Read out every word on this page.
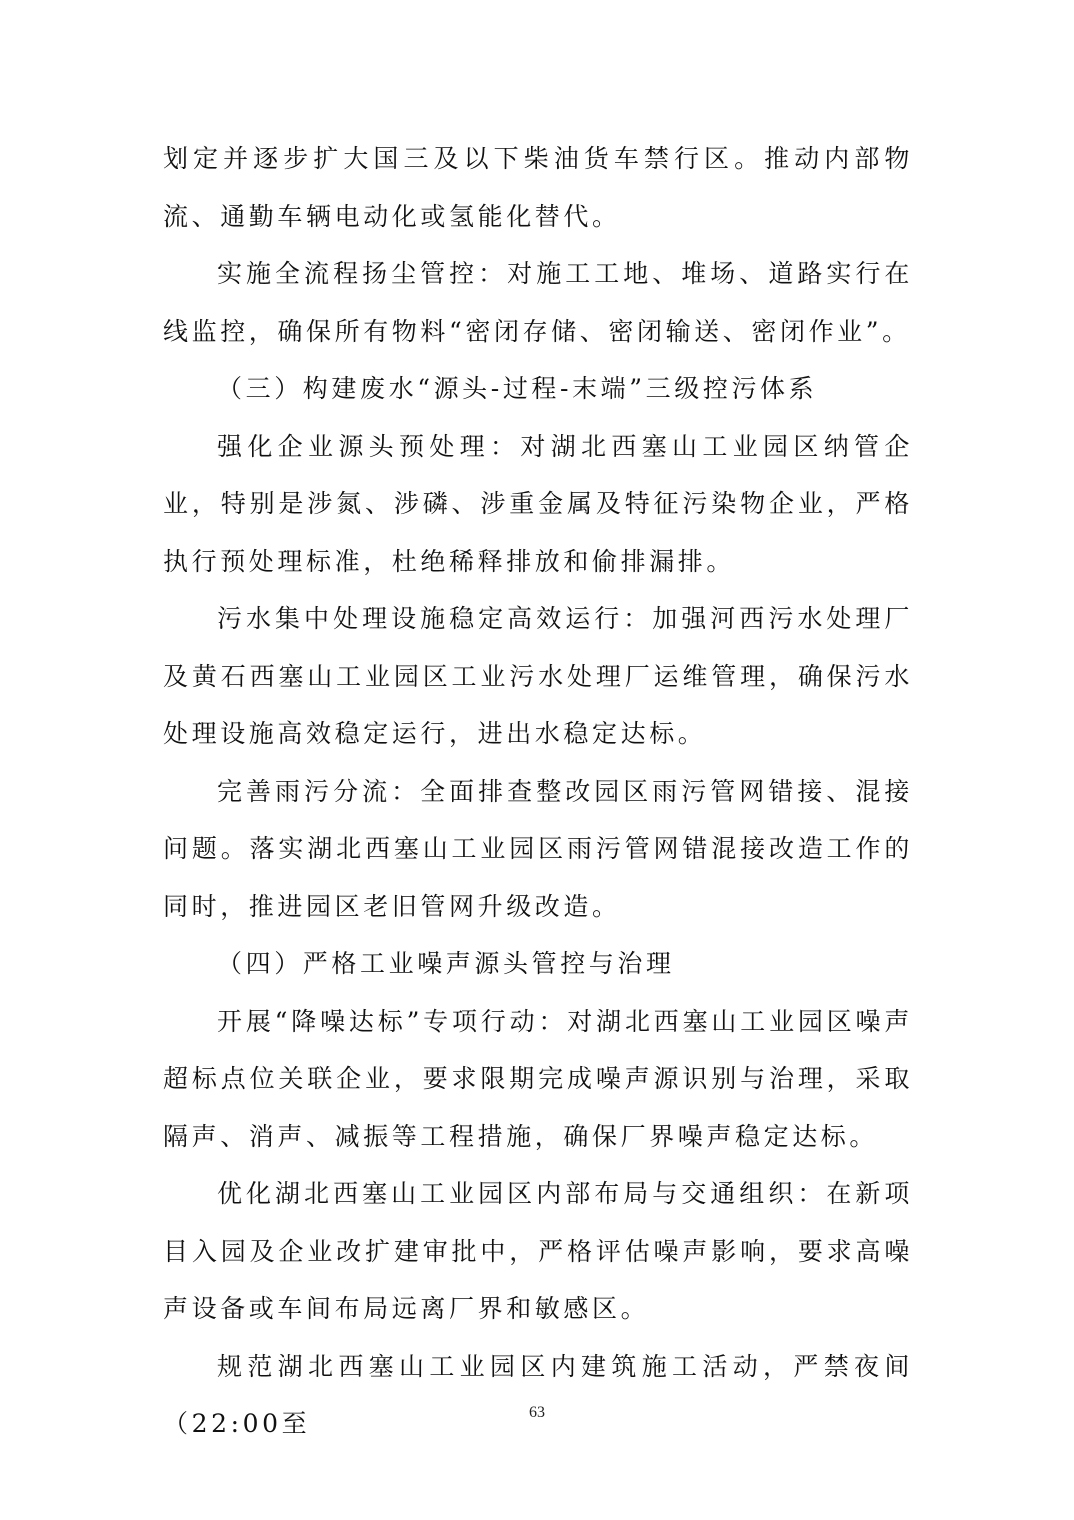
划定并逐步扩大国三及以下柴油货车禁行区。推动内部物流、通勤车辆电动化或氢能化替代。

实施全流程扬尘管控：对施工工地、堆场、道路实行在线监控，确保所有物料“密闭存储、密闭输送、密闭作业”。

（三）构建废水“源头-过程-末端”三级控污体系

强化企业源头预处理：对湖北西塞山工业园区纳管企业，特别是涉氮、涉磷、涉重金属及特征污染物企业，严格执行预处理标准，杜绝稀释排放和偷排漏排。

污水集中处理设施稳定高效运行：加强河西污水处理厂及黄石西塞山工业园区工业污水处理厂运维管理，确保污水处理设施高效稳定运行，进出水稳定达标。

完善雨污分流：全面排查整改园区雨污管网错接、混接问题。落实湖北西塞山工业园区雨污管网错混接改造工作的同时，推进园区老旧管网升级改造。

（四）严格工业噪声源头管控与治理

开展“降噪达标”专项行动：对湖北西塞山工业园区噪声超标点位关联企业，要求限期完成噪声源识别与治理，采取隔声、消声、减振等工程措施，确保厂界噪声稳定达标。

优化湖北西塞山工业园区内部布局与交通组织：在新项目入园及企业改扩建审批中，严格评估噪声影响，要求高噪声设备或车间布局远离厂界和敏感区。

规范湖北西塞山工业园区内建筑施工活动，严禁夜间（22:00至	63
